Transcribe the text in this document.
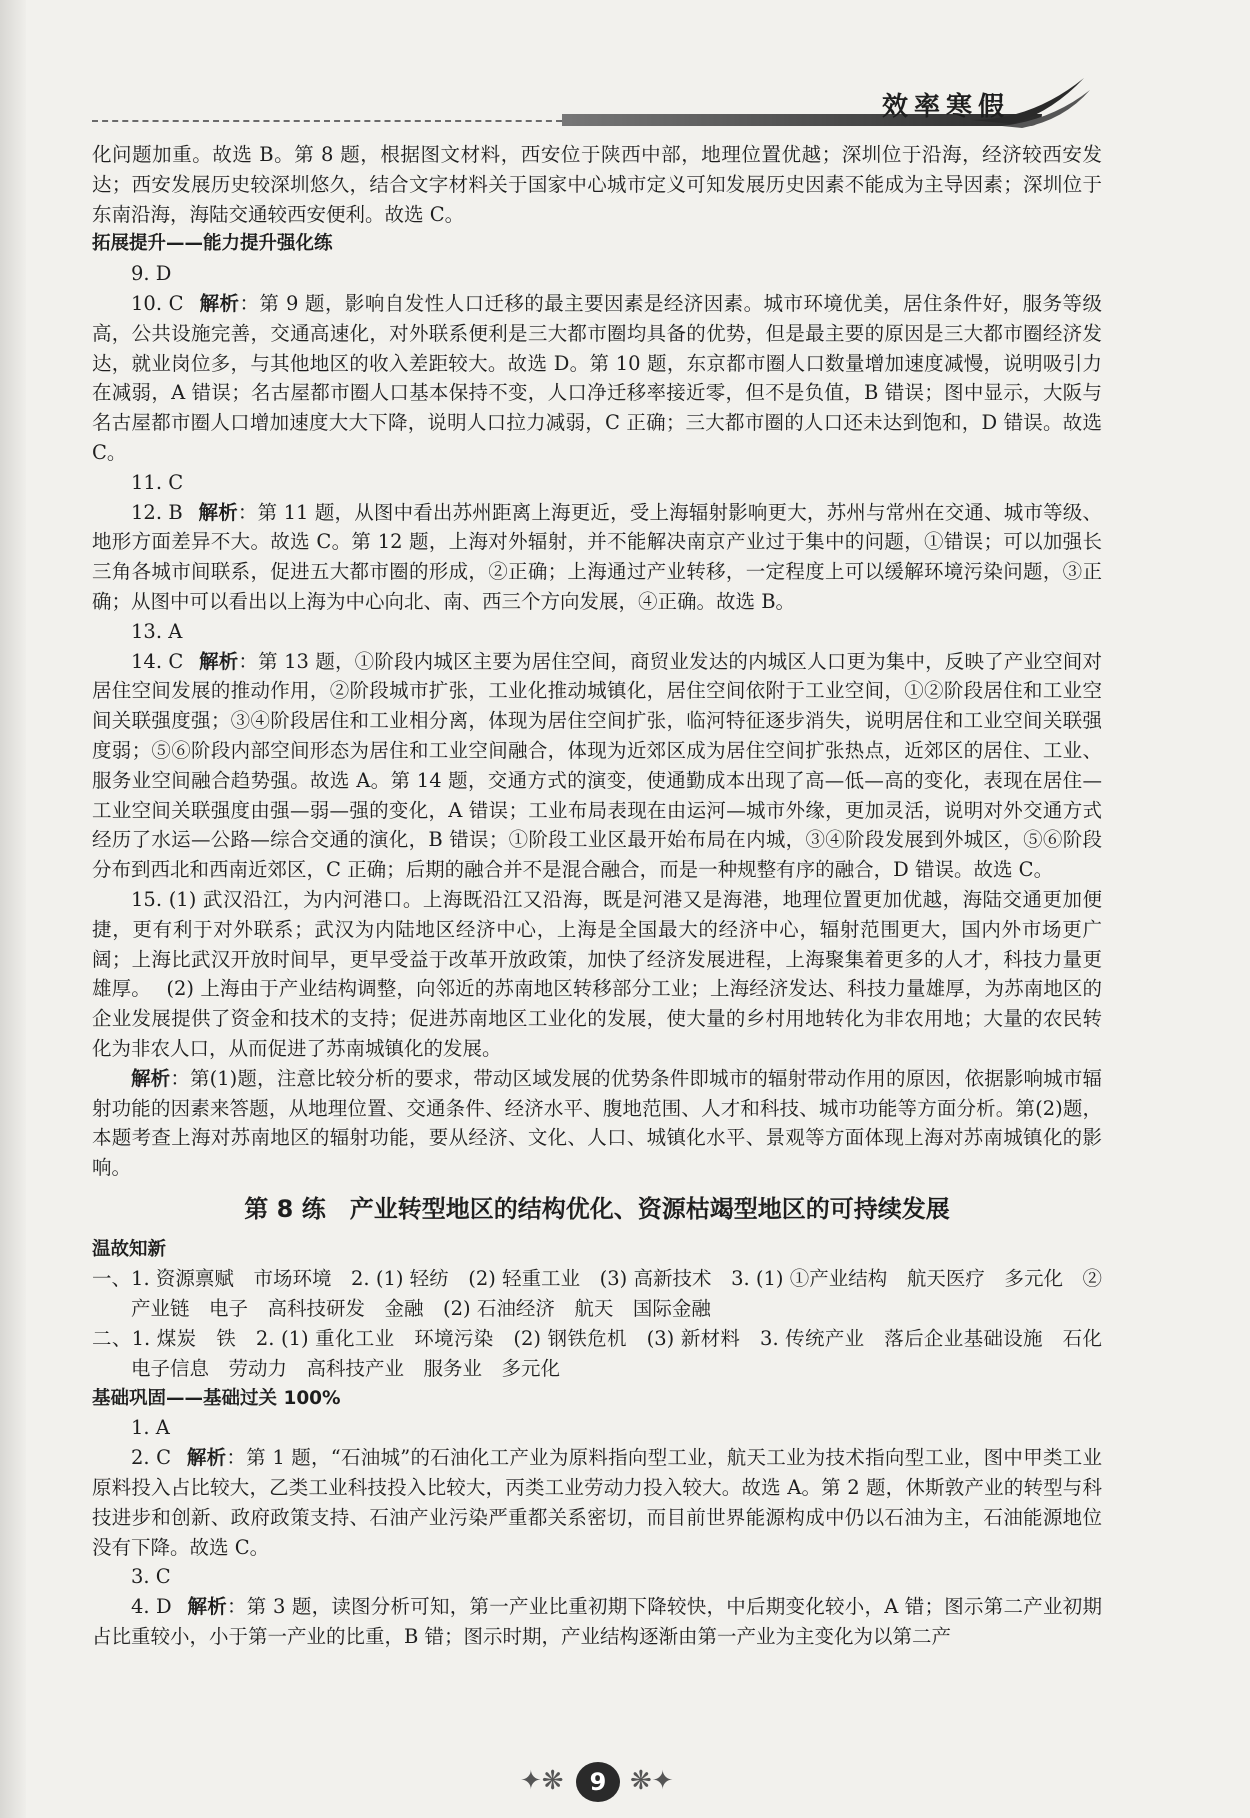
效率寒假

化问题加重。故选 B。第 8 题，根据图文材料，西安位于陕西中部，地理位置优越；深圳位于沿海，经济较西安发达；西安发展历史较深圳悠久，结合文字材料关于国家中心城市定义可知发展历史因素不能成为主导因素；深圳位于东南沿海，海陆交通较西安便利。故选 C。

拓展提升——能力提升强化练

9. D

10. C 解析：第 9 题，影响自发性人口迁移的最主要因素是经济因素。城市环境优美，居住条件好，服务等级高，公共设施完善，交通高速化，对外联系便利是三大都市圈均具备的优势，但是最主要的原因是三大都市圈经济发达，就业岗位多，与其他地区的收入差距较大。故选 D。第 10 题，东京都市圈人口数量增加速度减慢，说明吸引力在减弱，A 错误；名古屋都市圈人口基本保持不变，人口净迁移率接近零，但不是负值，B 错误；图中显示，大阪与名古屋都市圈人口增加速度大大下降，说明人口拉力减弱，C 正确；三大都市圈的人口还未达到饱和，D 错误。故选 C。

11. C

12. B 解析：第 11 题，从图中看出苏州距离上海更近，受上海辐射影响更大，苏州与常州在交通、城市等级、地形方面差异不大。故选 C。第 12 题，上海对外辐射，并不能解决南京产业过于集中的问题，①错误；可以加强长三角各城市间联系，促进五大都市圈的形成，②正确；上海通过产业转移，一定程度上可以缓解环境污染问题，③正确；从图中可以看出以上海为中心向北、南、西三个方向发展，④正确。故选 B。

13. A

14. C 解析：第 13 题，①阶段内城区主要为居住空间，商贸业发达的内城区人口更为集中，反映了产业空间对居住空间发展的推动作用，②阶段城市扩张，工业化推动城镇化，居住空间依附于工业空间，①②阶段居住和工业空间关联强度强；③④阶段居住和工业相分离，体现为居住空间扩张，临河特征逐步消失，说明居住和工业空间关联强度弱；⑤⑥阶段内部空间形态为居住和工业空间融合，体现为近郊区成为居住空间扩张热点，近郊区的居住、工业、服务业空间融合趋势强。故选 A。第 14 题，交通方式的演变，使通勤成本出现了高—低—高的变化，表现在居住—工业空间关联强度由强—弱—强的变化，A 错误；工业布局表现在由运河—城市外缘，更加灵活，说明对外交通方式经历了水运—公路—综合交通的演化，B 错误；①阶段工业区最开始布局在内城，③④阶段发展到外城区，⑤⑥阶段分布到西北和西南近郊区，C 正确；后期的融合并不是混合融合，而是一种规整有序的融合，D 错误。故选 C。

15. (1) 武汉沿江，为内河港口。上海既沿江又沿海，既是河港又是海港，地理位置更加优越，海陆交通更加便捷，更有利于对外联系；武汉为内陆地区经济中心，上海是全国最大的经济中心，辐射范围更大，国内外市场更广阔；上海比武汉开放时间早，更早受益于改革开放政策，加快了经济发展进程，上海聚集着更多的人才，科技力量更雄厚。 (2) 上海由于产业结构调整，向邻近的苏南地区转移部分工业；上海经济发达、科技力量雄厚，为苏南地区的企业发展提供了资金和技术的支持；促进苏南地区工业化的发展，使大量的乡村用地转化为非农用地；大量的农民转化为非农人口，从而促进了苏南城镇化的发展。

解析：第(1)题，注意比较分析的要求，带动区域发展的优势条件即城市的辐射带动作用的原因，依据影响城市辐射功能的因素来答题，从地理位置、交通条件、经济水平、腹地范围、人才和科技、城市功能等方面分析。第(2)题，本题考查上海对苏南地区的辐射功能，要从经济、文化、人口、城镇化水平、景观等方面体现上海对苏南城镇化的影响。

第 8 练　产业转型地区的结构优化、资源枯竭型地区的可持续发展

温故知新

一、1. 资源禀赋　市场环境　2. (1) 轻纺　(2) 轻重工业　(3) 高新技术　3. (1) ①产业结构　航天医疗　多元化　②产业链　电子　高科技研发　金融　(2) 石油经济　航天　国际金融

二、1. 煤炭　铁　2. (1) 重化工业　环境污染　(2) 钢铁危机　(3) 新材料　3. 传统产业　落后企业基础设施　石化　电子信息　劳动力　高科技产业　服务业　多元化

基础巩固——基础过关 100%

1. A

2. C 解析：第 1 题，“石油城”的石油化工产业为原料指向型工业，航天工业为技术指向型工业，图中甲类工业原料投入占比较大，乙类工业科技投入比较大，丙类工业劳动力投入较大。故选 A。第 2 题，休斯敦产业的转型与科技进步和创新、政府政策支持、石油产业污染严重都关系密切，而目前世界能源构成中仍以石油为主，石油能源地位没有下降。故选 C。

3. C

4. D 解析：第 3 题，读图分析可知，第一产业比重初期下降较快，中后期变化较小，A 错；图示第二产业初期占比重较小，小于第一产业的比重，B 错；图示时期，产业结构逐渐由第一产业为主变化为以第二产

✦❋	9 ❋✦
